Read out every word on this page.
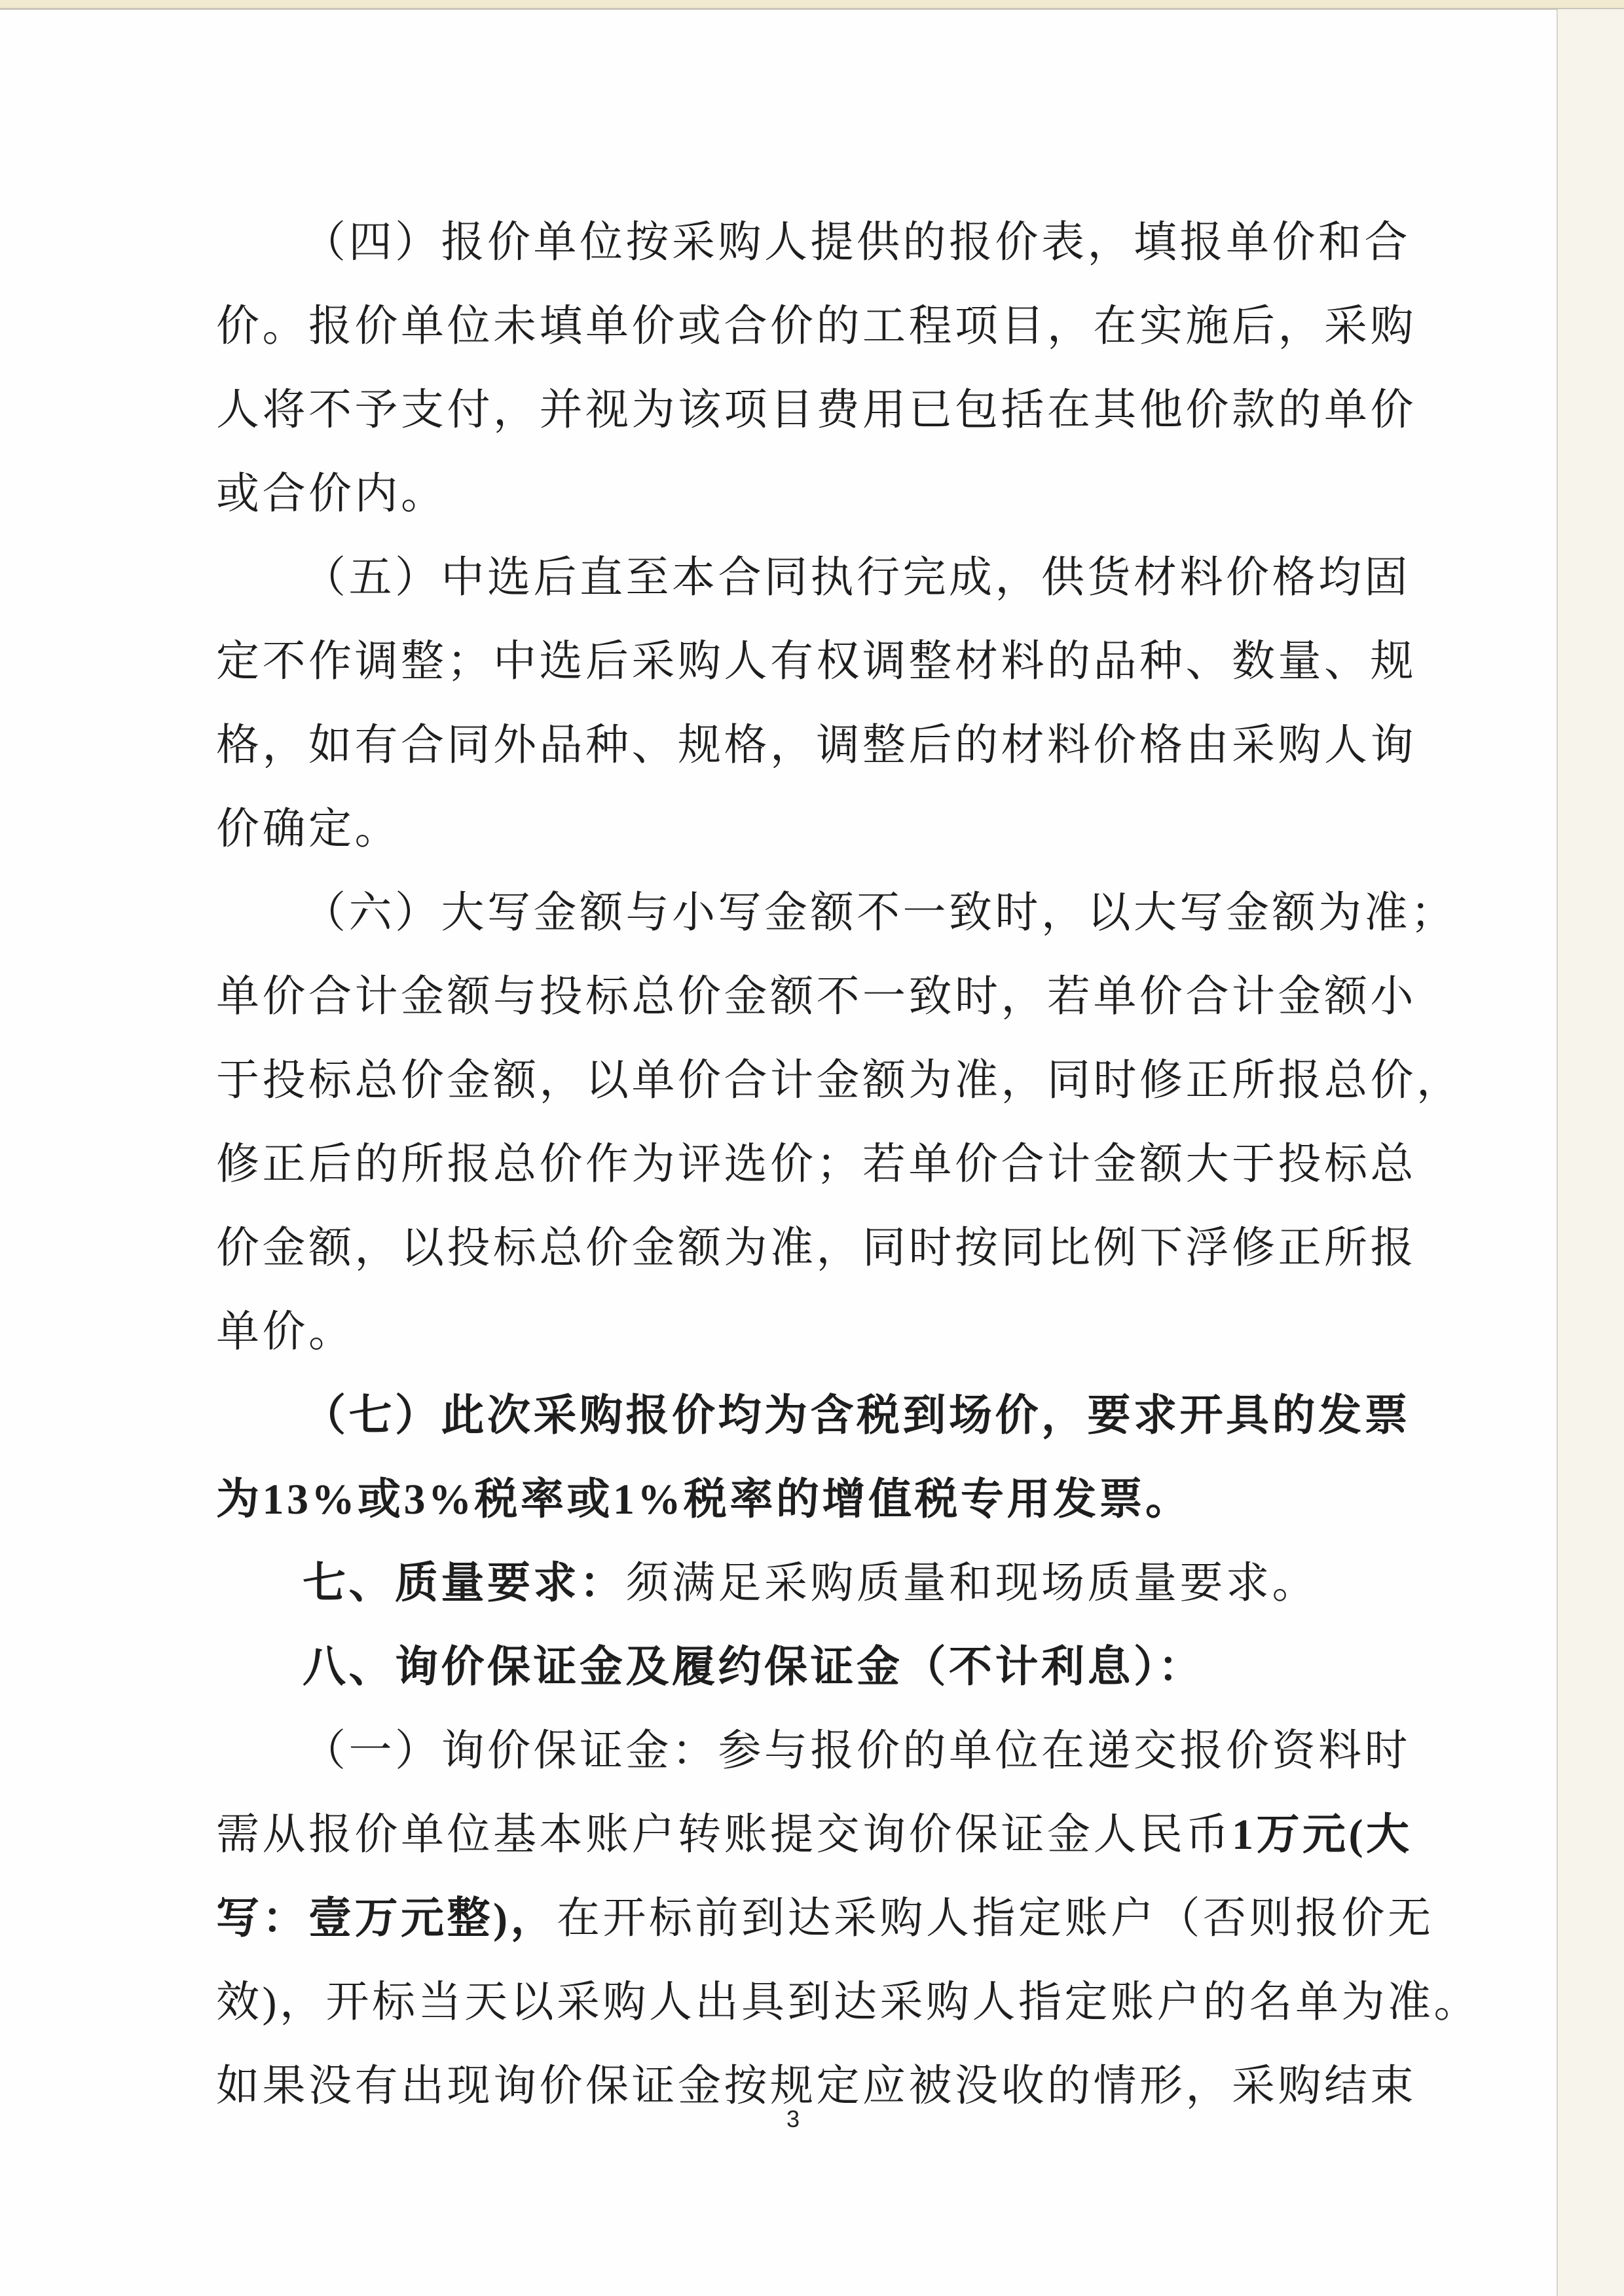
（四）报价单位按采购人提供的报价表，填报单价和合
价。报价单位未填单价或合价的工程项目，在实施后，采购
人将不予支付，并视为该项目费用已包括在其他价款的单价
或合价内。
（五）中选后直至本合同执行完成，供货材料价格均固
定不作调整；中选后采购人有权调整材料的品种、数量、规
格，如有合同外品种、规格，调整后的材料价格由采购人询
价确定。
（六）大写金额与小写金额不一致时，以大写金额为准；
单价合计金额与投标总价金额不一致时，若单价合计金额小
于投标总价金额，以单价合计金额为准，同时修正所报总价，
修正后的所报总价作为评选价；若单价合计金额大于投标总
价金额，以投标总价金额为准，同时按同比例下浮修正所报
单价。
（七）此次采购报价均为含税到场价，要求开具的发票
为13%或3%税率或1%税率的增值税专用发票。
七、质量要求：须满足采购质量和现场质量要求。
八、询价保证金及履约保证金（不计利息）：
（一）询价保证金：参与报价的单位在递交报价资料时
需从报价单位基本账户转账提交询价保证金人民币1万元(大
写：壹万元整)，在开标前到达采购人指定账户（否则报价无
效)，开标当天以采购人出具到达采购人指定账户的名单为准。
如果没有出现询价保证金按规定应被没收的情形，采购结束
3
